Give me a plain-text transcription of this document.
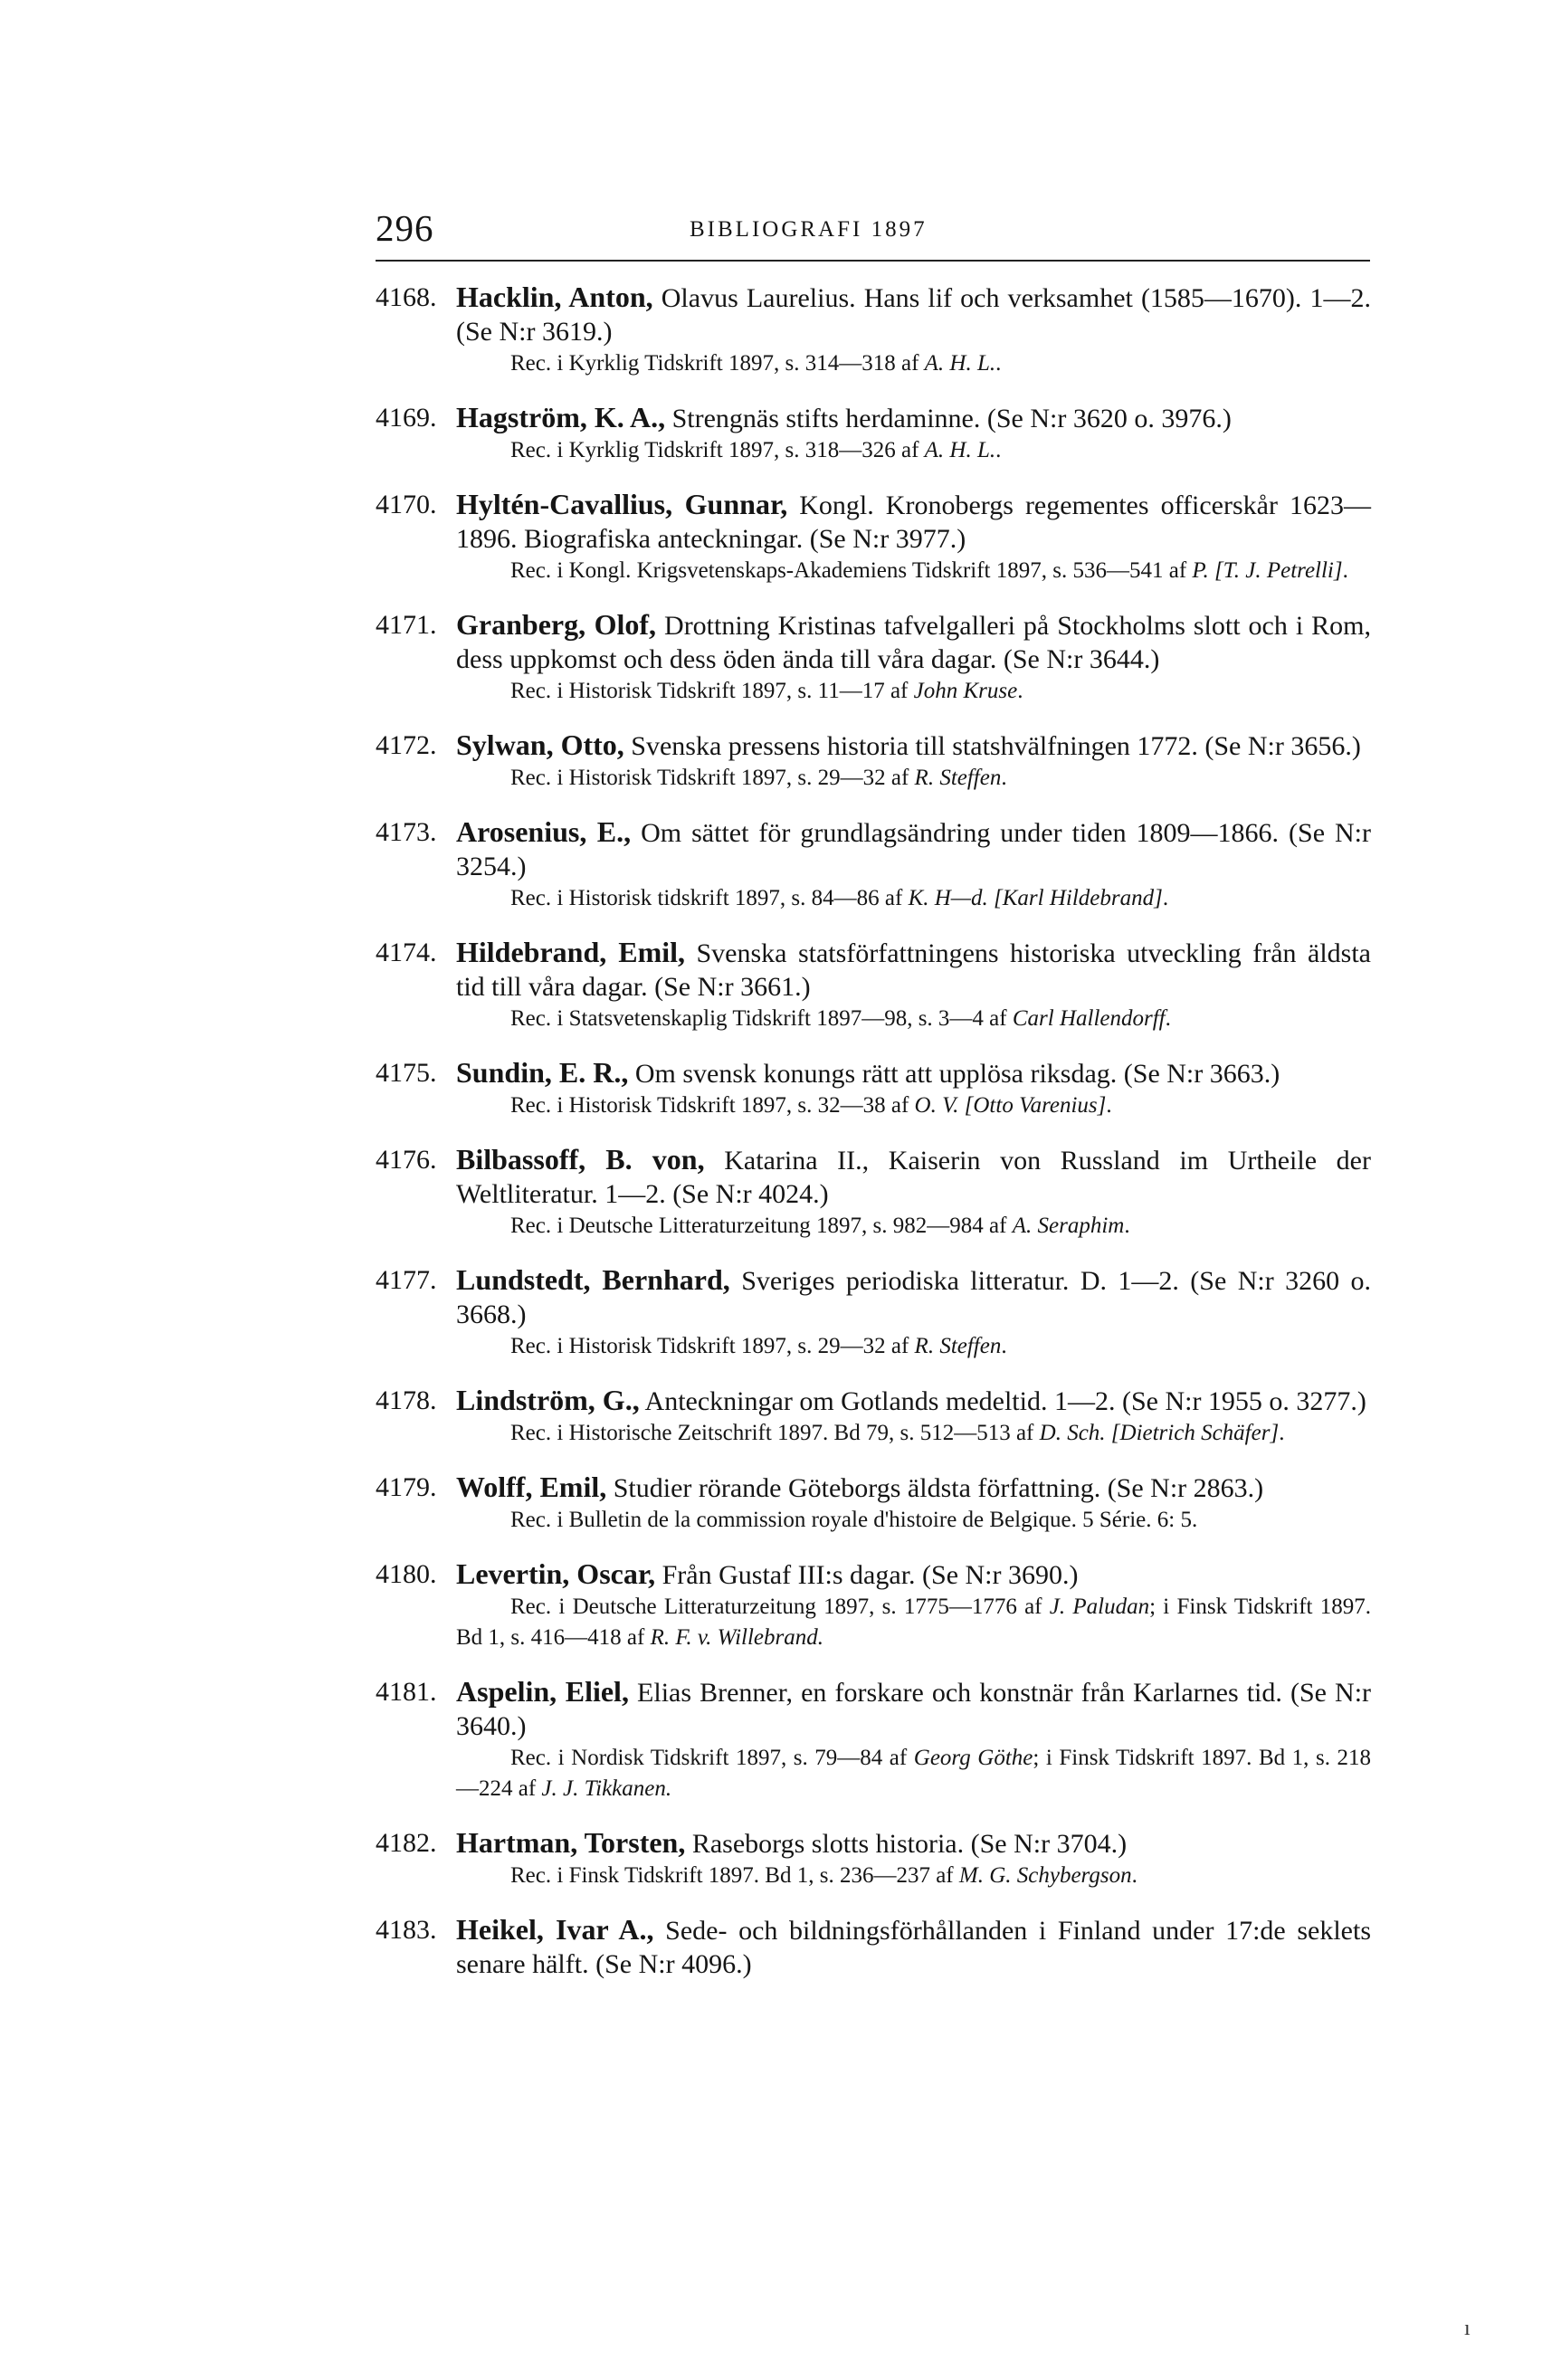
296	BIBLIOGRAFI 1897
4168. Hacklin, Anton, Olavus Laurelius. Hans lif och verksamhet (1585—1670). 1—2. (Se N:r 3619.)
Rec. i Kyrklig Tidskrift 1897, s. 314—318 af A. H. L..
4169. Hagström, K. A., Strengnäs stifts herdaminne. (Se N:r 3620 o. 3976.)
Rec. i Kyrklig Tidskrift 1897, s. 318—326 af A. H. L..
4170. Hyltén-Cavallius, Gunnar, Kongl. Kronobergs regementes officerskår 1623—1896. Biografiska anteckningar. (Se N:r 3977.)
Rec. i Kongl. Krigsvetenskaps-Akademiens Tidskrift 1897, s. 536—541 af P. [T. J. Petrelli].
4171. Granberg, Olof, Drottning Kristinas tafvelgalleri på Stockholms slott och i Rom, dess uppkomst och dess öden ända till våra dagar. (Se N:r 3644.)
Rec. i Historisk Tidskrift 1897, s. 11—17 af John Kruse.
4172. Sylwan, Otto, Svenska pressens historia till statshvälfningen 1772. (Se N:r 3656.)
Rec. i Historisk Tidskrift 1897, s. 29—32 af R. Steffen.
4173. Arosenius, E., Om sättet för grundlagsändring under tiden 1809—1866. (Se N:r 3254.)
Rec. i Historisk tidskrift 1897, s. 84—86 af K. H—d. [Karl Hildebrand].
4174. Hildebrand, Emil, Svenska statsförfattningens historiska utveckling från äldsta tid till våra dagar. (Se N:r 3661.)
Rec. i Statsvetenskaplig Tidskrift 1897—98, s. 3—4 af Carl Hallendorff.
4175. Sundin, E. R., Om svensk konungs rätt att upplösa riksdag. (Se N:r 3663.)
Rec. i Historisk Tidskrift 1897, s. 32—38 af O. V. [Otto Varenius].
4176. Bilbassoff, B. von, Katarina II., Kaiserin von Russland im Urtheile der Weltliteratur. 1—2. (Se N:r 4024.)
Rec. i Deutsche Litteraturzeitung 1897, s. 982—984 af A. Seraphim.
4177. Lundstedt, Bernhard, Sveriges periodiska litteratur. D. 1—2. (Se N:r 3260 o. 3668.)
Rec. i Historisk Tidskrift 1897, s. 29—32 af R. Steffen.
4178. Lindström, G., Anteckningar om Gotlands medeltid. 1—2. (Se N:r 1955 o. 3277.)
Rec. i Historische Zeitschrift 1897. Bd 79, s. 512—513 af D. Sch. [Dietrich Schäfer].
4179. Wolff, Emil, Studier rörande Göteborgs äldsta författning. (Se N:r 2863.)
Rec. i Bulletin de la commission royale d'histoire de Belgique. 5 Série. 6: 5.
4180. Levertin, Oscar, Från Gustaf III:s dagar. (Se N:r 3690.)
Rec. i Deutsche Litteraturzeitung 1897, s. 1775—1776 af J. Paludan; i Finsk Tidskrift 1897. Bd 1, s. 416—418 af R. F. v. Willebrand.
4181. Aspelin, Eliel, Elias Brenner, en forskare och konstnär från Karlarnes tid. (Se N:r 3640.)
Rec. i Nordisk Tidskrift 1897, s. 79—84 af Georg Göthe; i Finsk Tidskrift 1897. Bd 1, s. 218—224 af J. J. Tikkanen.
4182. Hartman, Torsten, Raseborgs slotts historia. (Se N:r 3704.)
Rec. i Finsk Tidskrift 1897. Bd 1, s. 236—237 af M. G. Schybergson.
4183. Heikel, Ivar A., Sede- och bildningsförhållanden i Finland under 17:de seklets senare hälft. (Se N:r 4096.)
ı
